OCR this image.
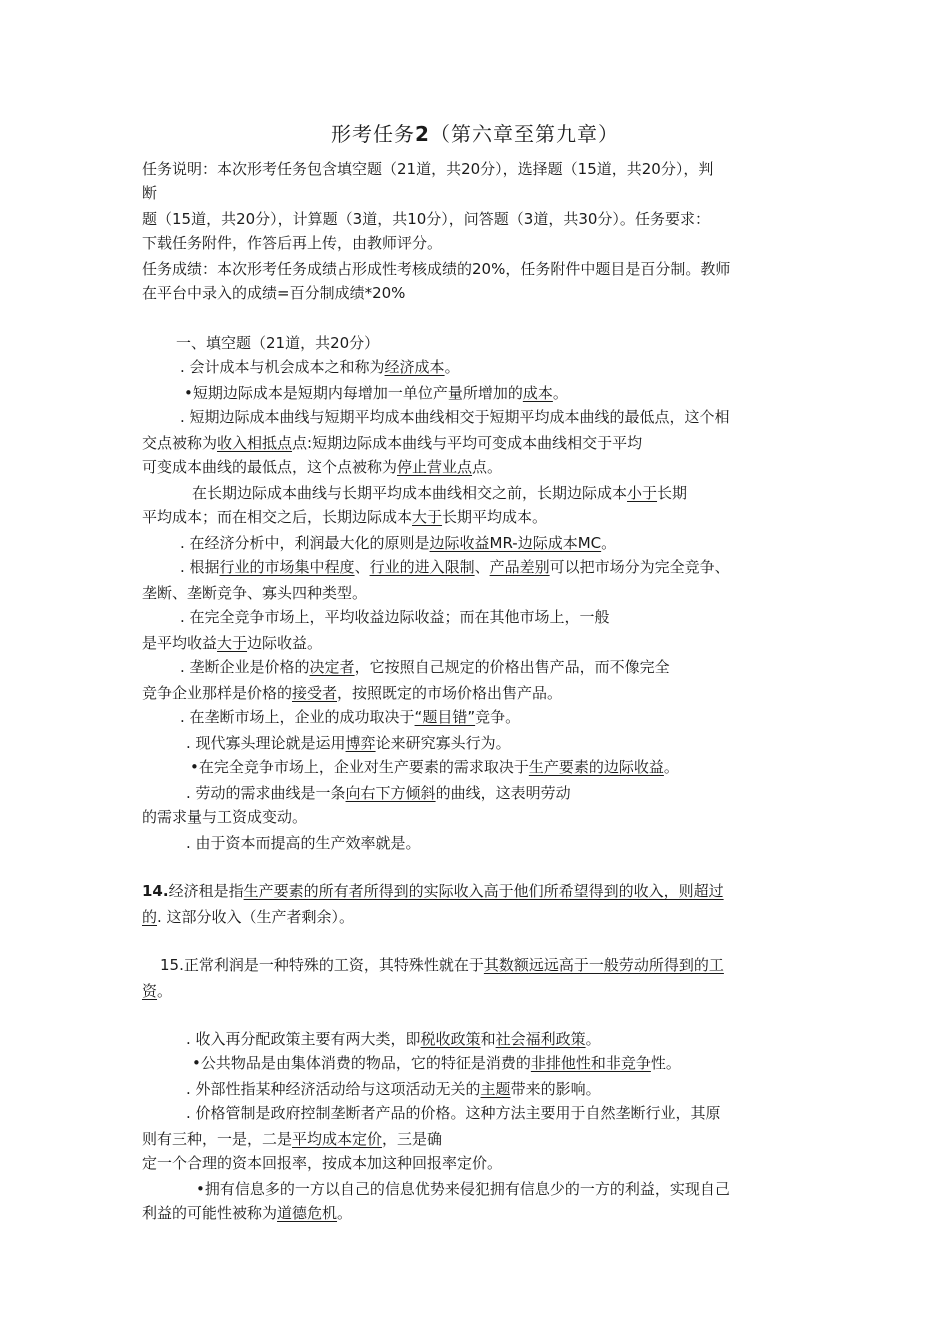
形考任务2（第六章至第九章）
任务说明：本次形考任务包含填空题（21道，共20分），选择题（15道，共20分），判
断
题（15道，共20分），计算题（3道，共10分），问答题（3道，共30分）。任务要求：
下载任务附件，作答后再上传，由教师评分。
任务成绩：本次形考任务成绩占形成性考核成绩的20%，任务附件中题目是百分制。教师
在平台中录入的成绩=百分制成绩*20%
一、填空题（21道，共20分）
. 会计成本与机会成本之和称为经济成本。
•短期边际成本是短期内每增加一单位产量所增加的成本。
. 短期边际成本曲线与短期平均成本曲线相交于短期平均成本曲线的最低点，这个相
交点被称为收入相抵点点:短期边际成本曲线与平均可变成本曲线相交于平均
可变成本曲线的最低点，这个点被称为停止营业点点。
在长期边际成本曲线与长期平均成本曲线相交之前，长期边际成本小于长期
平均成本；而在相交之后，长期边际成本大于长期平均成本。
. 在经济分析中，利润最大化的原则是边际收益MR-边际成本MC。
. 根据行业的市场集中程度、行业的进入限制、产品差别可以把市场分为完全竞争、
垄断、垄断竞争、寡头四种类型。
. 在完全竞争市场上，平均收益边际收益；而在其他市场上，一般
是平均收益大于边际收益。
. 垄断企业是价格的决定者，它按照自己规定的价格出售产品，而不像完全
竞争企业那样是价格的接受者，按照既定的市场价格出售产品。
. 在垄断市场上，企业的成功取决于“题目错”竞争。
. 现代寡头理论就是运用博弈论来研究寡头行为。
•在完全竞争市场上，企业对生产要素的需求取决于生产要素的边际收益。
. 劳动的需求曲线是一条向右下方倾斜的曲线，这表明劳动
的需求量与工资成变动。
. 由于资本而提高的生产效率就是。
14.经济租是指生产要素的所有者所得到的实际收入高于他们所希望得到的收入，则超过
的. 这部分收入（生产者剩余）。
15.正常利润是一种特殊的工资，其特殊性就在于其数额远远高于一般劳动所得到的工
资。
. 收入再分配政策主要有两大类，即税收政策和社会福利政策。
•公共物品是由集体消费的物品，它的特征是消费的非排他性和非竞争性。
. 外部性指某种经济活动给与这项活动无关的主题带来的影响。
. 价格管制是政府控制垄断者产品的价格。这种方法主要用于自然垄断行业，其原
则有三种，一是，二是平均成本定价，三是确
定一个合理的资本回报率，按成本加这种回报率定价。
•拥有信息多的一方以自己的信息优势来侵犯拥有信息少的一方的利益，实现自己
利益的可能性被称为道德危机。
